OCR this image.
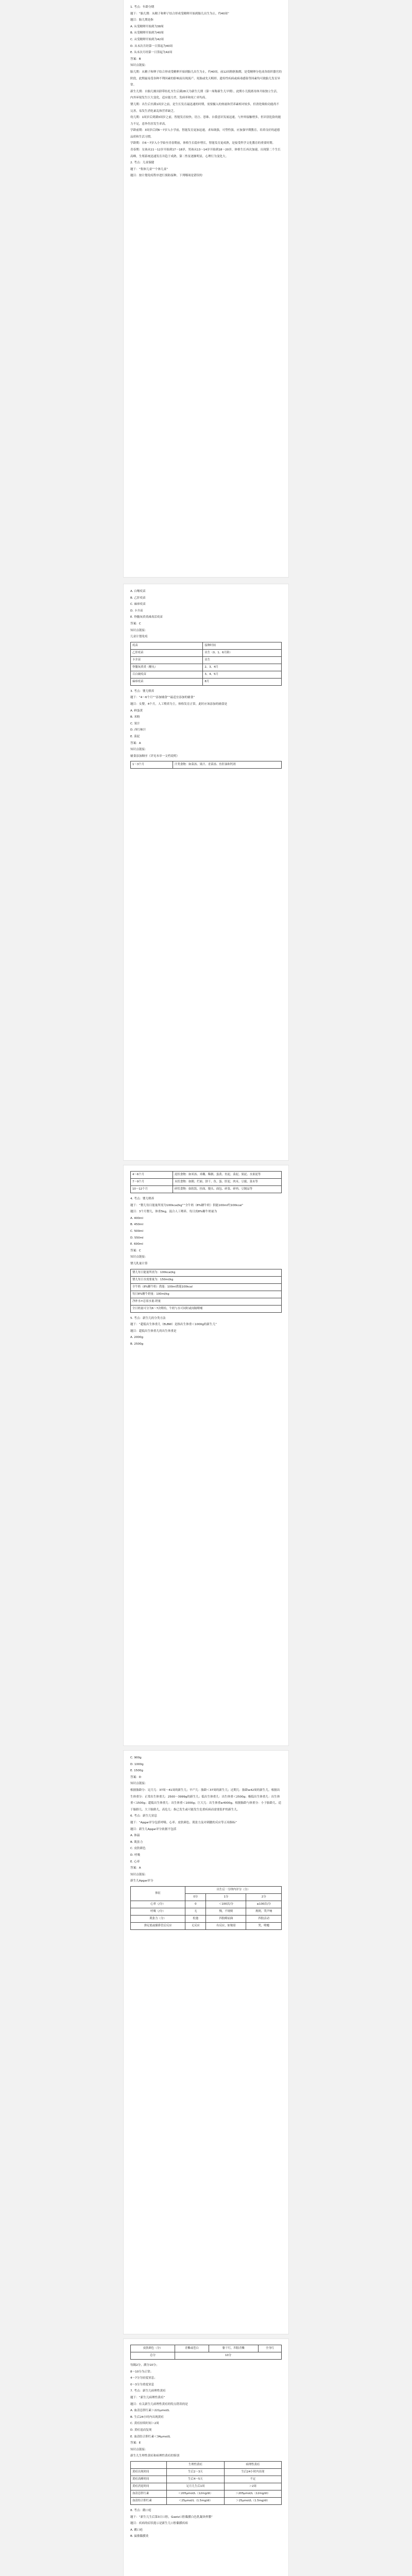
1. 考点：年龄分期

题干：“胎儿期：从精子和卵子结合形成受精卵开始到胎儿出生为止，约40周”

题目：胎儿期是指

A. 从受精卵开始到为38周

B. 从受精卵开始到为40周

C. 从受精卵开始到为42周

D. 从末次月经第一日算起为40周

E. 从末次月经第一日算起为42周

答案：B

知识点链接：

胎儿期：从精子和卵子结合形成受精卵开始到胎儿出生为止，约40周。前12周称胚胎期，是受精卵分化成各组织器官的阶段，此期最易受各种不利因素的影响而出现流产、死胎或先天畸形，遗传性疾病或病毒感染等因素均可致胎儿发育异常。

新生儿期：自胎儿娩出脐带结扎至生后满28天为新生儿期（第一周称新生儿早期），此期小儿脱离母体开始独立生活，内外环境发生巨大变化，适应能力差，发病率和死亡率均高。

婴儿期：出生后至满1周岁之前，是生长发育最迅速的时期，需要摄入的热量和营养素相对较多，但消化吸收功能尚不完善，易发生消化紊乱和营养缺乏。

幼儿期：1周岁后到满3周岁之前，智能发育较快，语言、思维、自我意识发展迅速，与外界接触增多，但识别危险的能力不足，意外伤害发生率高。

学龄前期：3周岁后到6～7岁入小学前，智能发育更加迅速，求知欲强，可塑性强，应加强早期教育，培养良好的道德品质和生活习惯。

学龄期：自6～7岁入小学始至青春期前，体格生长稳步增长，智能发育更成熟，是接受科学文化教育的重要时期。

青春期：女孩从11～12岁开始到17～18岁，男孩从13～14岁开始到18～20岁，体格生长再次加速，出现第二个生长高峰，生殖系统迅速发育并趋于成熟，第二性征逐渐明显，心理行为变化大。

2. 考点：儿童保健

题干：“集体儿童”“个体儿童”

题目：按计划免疫程序进行预防接种，下列哪项是错误的

A. 白喉疫苗

B. 乙肝疫苗

C. 麻疹疫苗

D. 卡介苗

E. 脊髓灰质炎减毒活疫苗

答案：C

知识点链接：

儿童计划免疫

疫苗	接种时间
乙肝疫苗	出生（0、1、6月龄）
卡介苗	出生
脊髓灰质炎（糖丸）	2、3、4月
百白破疫苗	3、4、5月
麻疹疫苗	8月

3. 考点：婴儿喂养

题干：“4～6个月”“添加辅食”“最适宜添加的辅食”

题目：女婴，4个月，人工喂养为主，体格发育正常，此时应该添加的辅食是

A. 鲜蛋黄

B. 米粉

C. 果汁

D. 西红柿汁

E. 菜泥

答案：A

知识点链接：

辅食添加顺序（详见本章一文档说明）

1～3个月	汁类食物：如菜汤、果汁、青菜汤、鱼肝油和钙剂
4～6个月	泥状食物：如米汤、米糊、稀粥、蛋黄、鱼泥、菜泥、果泥、水果泥等
7～9个月	末状食物：如粥、烂面、饼干、鱼、蛋、肝泥、肉末、豆腐、菜末等
10～12个月	碎状食物：如软饭、挂面、馒头、面包、碎菜、碎肉、豆制品等

4. 考点：婴儿喂养

题干：“婴儿每日能量所需为100kcal/kg”“全牛奶（8%糖牛奶）供能100ml约100kcal”

题目：3个月婴儿，体重5kg，混合人工喂养，每日需8%糖牛奶量为

A. 400ml

B. 450ml

C. 500ml

D. 550ml

E. 600ml

答案：C

知识点链接：

婴儿乳量计算

婴儿每日能量所需为：100kcal/kg
婴儿每日水需要量为：150ml/kg
全牛奶（8%糖牛奶）供能：100ml供能100kcal
每日8%糖牛奶量：100ml/kg
净补水=总需水量-奶量
全日奶量可分为6～7次喂给，牛奶与水可同时或间隔喂哺

5. 考点：新生儿的分类方法

题干：“超低出生体重儿（ELBW）是指出生体重＜1000g的新生儿”

题目：超低出生体重儿的出生体重是

A. 2000g

B. 2500g

C. 900g

D. 1000g

E. 1500g

答案：D

知识点链接：

根据胎龄分：足月儿：37周～41周的新生儿；早产儿：胎龄＜37周的新生儿；过期儿：胎龄≥42周的新生儿。根据出生体重分：正常出生体重儿：2500～3999g的新生儿；低出生体重儿：出生体重＜2500g；极低出生体重儿：出生体重＜1500g；超低出生体重儿：出生体重＜1000g；巨大儿：出生体重≥4000g。根据胎龄与体重分：小于胎龄儿、适于胎龄儿、大于胎龄儿，高危儿：指已发生或可能发生危重疾病而需要监护的新生儿。

6. 考点：新生儿窒息

题干：“Apgar评分包括呼吸、心率、皮肤颜色、肌张力及对刺激的反应等五项指标”

题目：新生儿Apgar评分依据不包括

A. 体温

B. 肌张力

C. 皮肤颜色

D. 呼吸

E. 心率

答案：A

知识点链接：

新生儿Apgar评分

体征	出生后一分钟内评分（分）		
	0分	1分	2分
心率（/分）	0	＜100次/分	≥100次/分
呼吸（/分）	无	慢，不规则	规则，哭声响
肌张力（分）	松弛	四肢略屈曲	四肢活动
弹足底或插鼻管后反应	无反应	有反应，如皱眉	哭，喷嚏
皮肤颜色（分）	青紫或苍白	躯干红，四肢青紫	全身红
总分	10分		

每隔2分，满分10分；

8～10分为正常；

4～7分为轻度窒息；

0～3分为重度窒息

7. 考点：新生儿病理性黄疸

题干：“新生儿病理性黄疸”

题目：有关新生儿病理性黄疸的特点错误的是

A. 血清总胆红素＞221μmol/L

B. 生后24小时内出现黄疸

C. 黄疸持续时间＞2周

D. 黄疸退而复现

E. 血清结合胆红素＜34μmol/L

答案：E

知识点链接：

新生儿生理性黄疸和病理性黄疸的鉴别

	生理性黄疸	病理性黄疸
黄疸出现时间	生后2～3天	生后24小时内出现
黄疸高峰时间	生后4～5天	不定
黄疸消退时间	足月儿生后1周	＞2周
血清总胆红素	＜205μmol/L（12mg/dl）	＞205μmol/L（12mg/dl）
血清结合胆红素	＜25μmol/L（1.5mg/dl）	＞25μmol/L（1.5mg/dl）

8. 考点：鹅口疮

题干：“新生儿生后第3日口腔，Gaetz口腔黏膜白色乳凝块样膜”

题目：疾病的症状提示是新生儿口腔黏膜疾病

A. 鹅口疮

B. 鼠敏黏膜炎
